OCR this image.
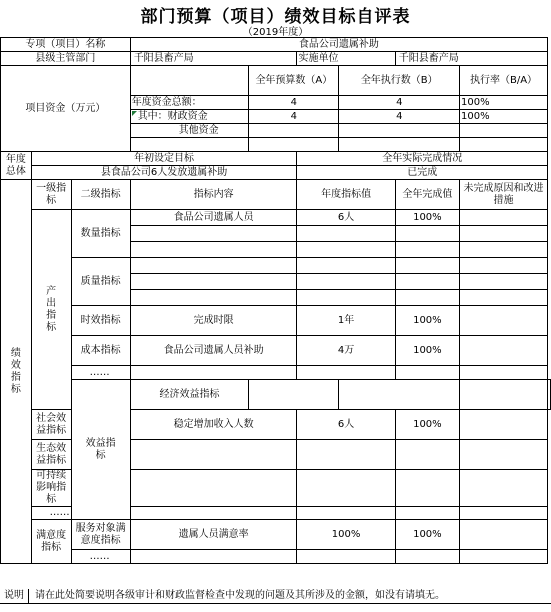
部门预算（项目）绩效目标自评表
（2019年度）
专项（项目）名称			食品公司遗属补助						
县级主管部门			千阳县畜产局		实施单位		千阳县畜产局		
项目资金（万元）				全年预算数（A）		全年执行数（B）		执行率（B/A）	
			年度资金总额：	4		4		100%	
			其中：财政资金	4		4		100%	
			其他资金						

年度总体	年初设定目标				全年实际完成情况				
	县食品公司6人发放遗属补助				已完成				
绩效指标	一级指标	二级指标	指标内容		年度指标值		全年完成值	未完成原因和改进措施	
	产出指标	数量指标	食品公司遗属人员		6人		100%		

		质量指标							

		时效指标	完成时限		1年		100%		
		成本指标	食品公司遗属人员补助		4万		100%		
		……							
		效益指标	经济效益指标						
	社会效益指标		稳定增加收入人数		6人		100%		
	生态效益指标								
	可持续影响指标								
	……								
	满意度指标	服务对象满意度指标	遗属人员满意率		100%		100%		
		……							
说明 请在此处简要说明各级审计和财政监督检查中发现的问题及其所涉及的金额，如没有请填无。
